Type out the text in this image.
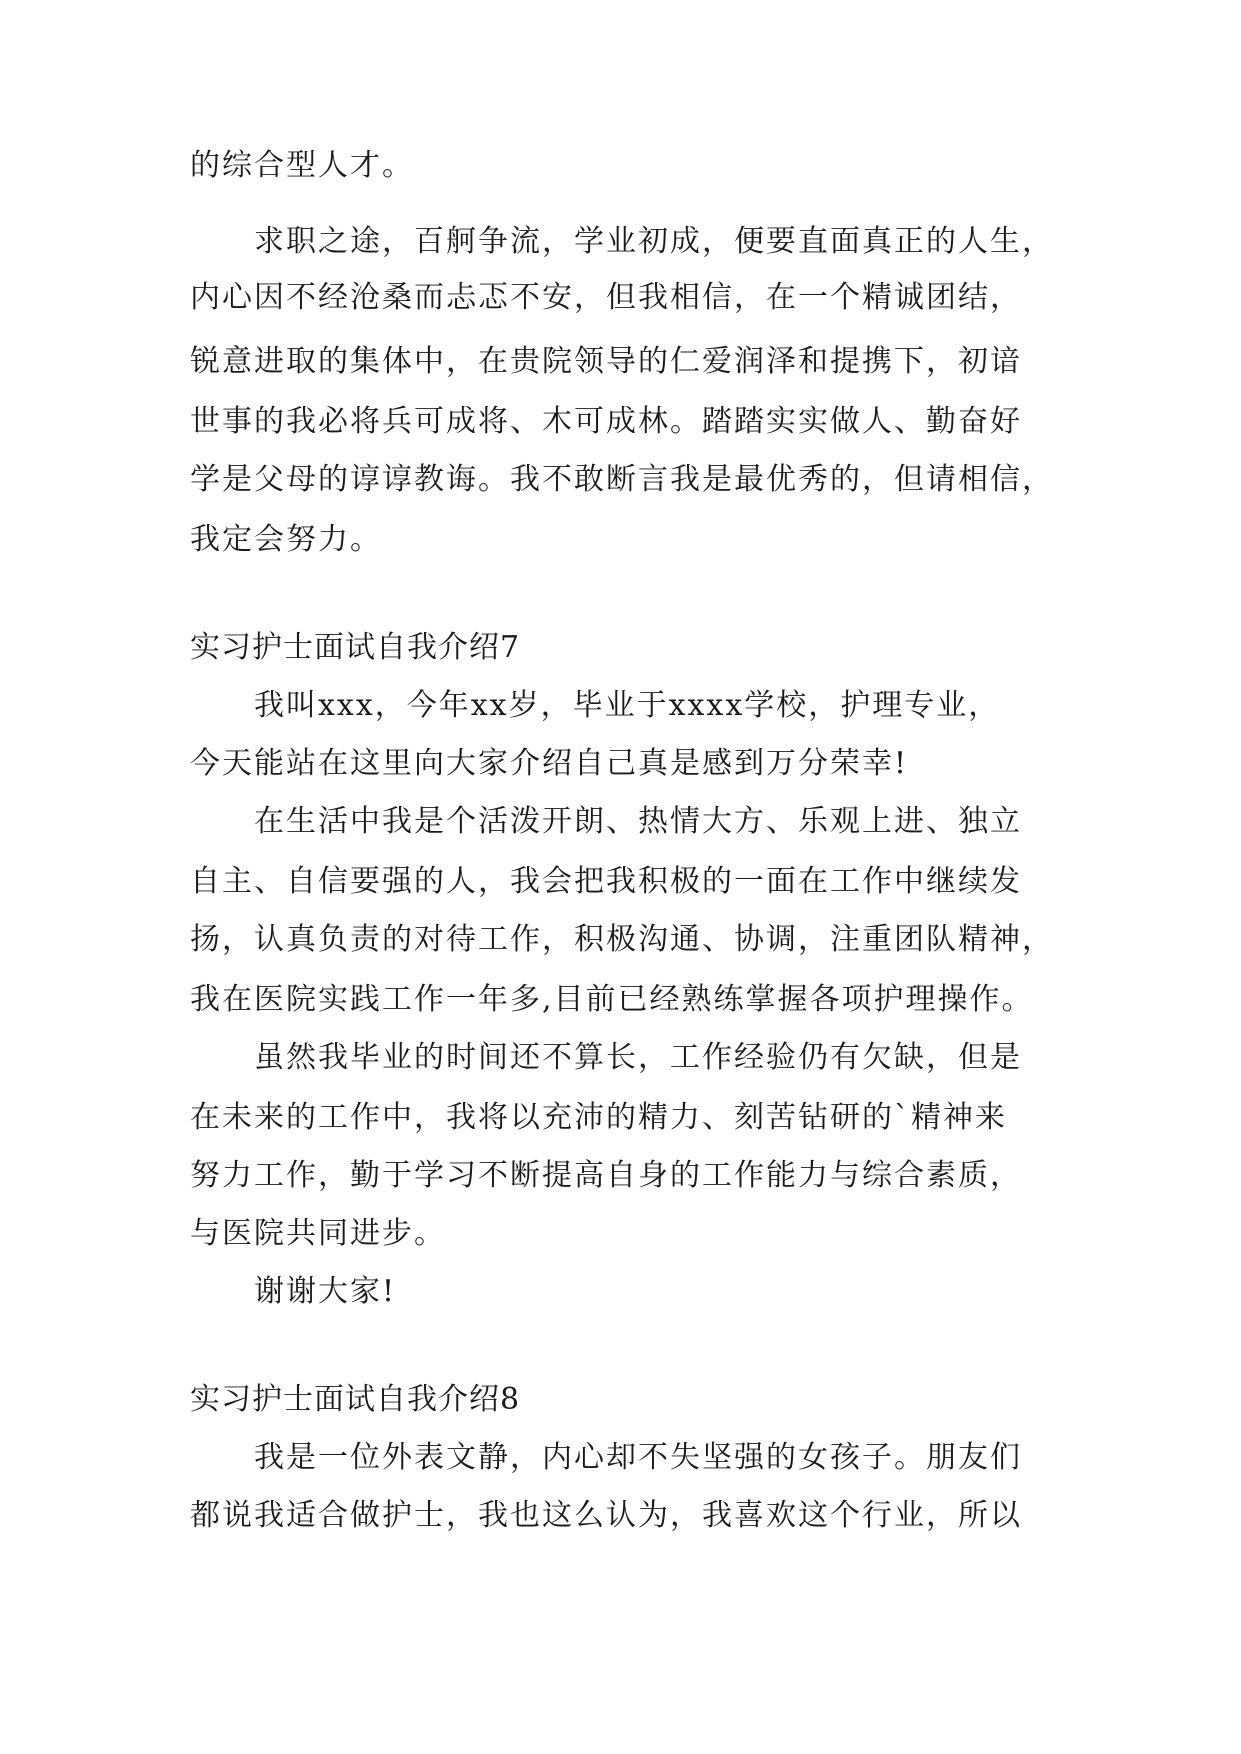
的综合型人才。
求职之途，百舸争流，学业初成，便要直面真正的人生，
内心因不经沧桑而忐忑不安，但我相信，在一个精诚团结，
锐意进取的集体中，在贵院领导的仁爱润泽和提携下，初谙
世事的我必将兵可成将、木可成林。踏踏实实做人、勤奋好
学是父母的谆谆教诲。我不敢断言我是最优秀的，但请相信，
我定会努力。
实习护士面试自我介绍7
我叫xxx，今年xx岁，毕业于xxxx学校，护理专业，
今天能站在这里向大家介绍自己真是感到万分荣幸!
在生活中我是个活泼开朗、热情大方、乐观上进、独立
自主、自信要强的人，我会把我积极的一面在工作中继续发
扬，认真负责的对待工作，积极沟通、协调，注重团队精神，
我在医院实践工作一年多,目前已经熟练掌握各项护理操作。
虽然我毕业的时间还不算长，工作经验仍有欠缺，但是
在未来的工作中，我将以充沛的精力、刻苦钻研的`精神来
努力工作，勤于学习不断提高自身的工作能力与综合素质，
与医院共同进步。
谢谢大家!
实习护士面试自我介绍8
我是一位外表文静，内心却不失坚强的女孩子。朋友们
都说我适合做护士，我也这么认为，我喜欢这个行业，所以
